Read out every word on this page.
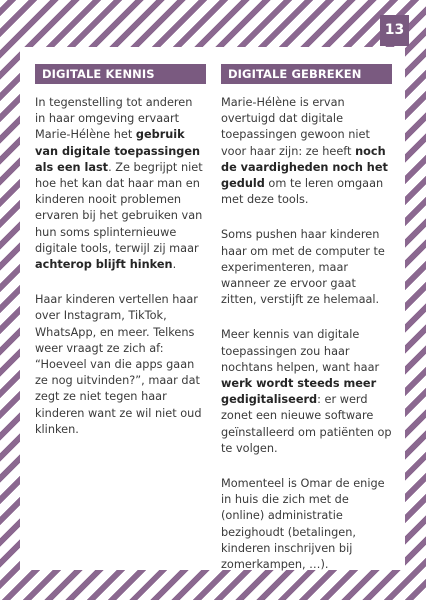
13
DIGITALE KENNIS

In tegenstelling tot anderen in haar omgeving ervaart Marie-Hélène het gebruik van digitale toepassingen als een last. Ze begrijpt niet hoe het kan dat haar man en kinderen nooit problemen ervaren bij het gebruiken van hun soms splinternieuwe digitale tools, terwijl zij maar achterop blijft hinken.

Haar kinderen vertellen haar over Instagram, TikTok, WhatsApp, en meer. Telkens weer vraagt ze zich af: “Hoeveel van die apps gaan ze nog uitvinden?”, maar dat zegt ze niet tegen haar kinderen want ze wil niet oud klinken.

DIGITALE GEBREKEN

Marie-Hélène is ervan overtuigd dat digitale toepassingen gewoon niet voor haar zijn: ze heeft noch de vaardigheden noch het geduld om te leren omgaan met deze tools.

Soms pushen haar kinderen haar om met de computer te experimenteren, maar wanneer ze ervoor gaat zitten, verstijft ze helemaal.

Meer kennis van digitale toepassingen zou haar nochtans helpen, want haar werk wordt steeds meer gedigitaliseerd: er werd zonet een nieuwe software geïnstalleerd om patiënten op te volgen.

Momenteel is Omar de enige in huis die zich met de (online) administratie bezighoudt (betalingen, kinderen inschrijven bij zomerkampen, …).
